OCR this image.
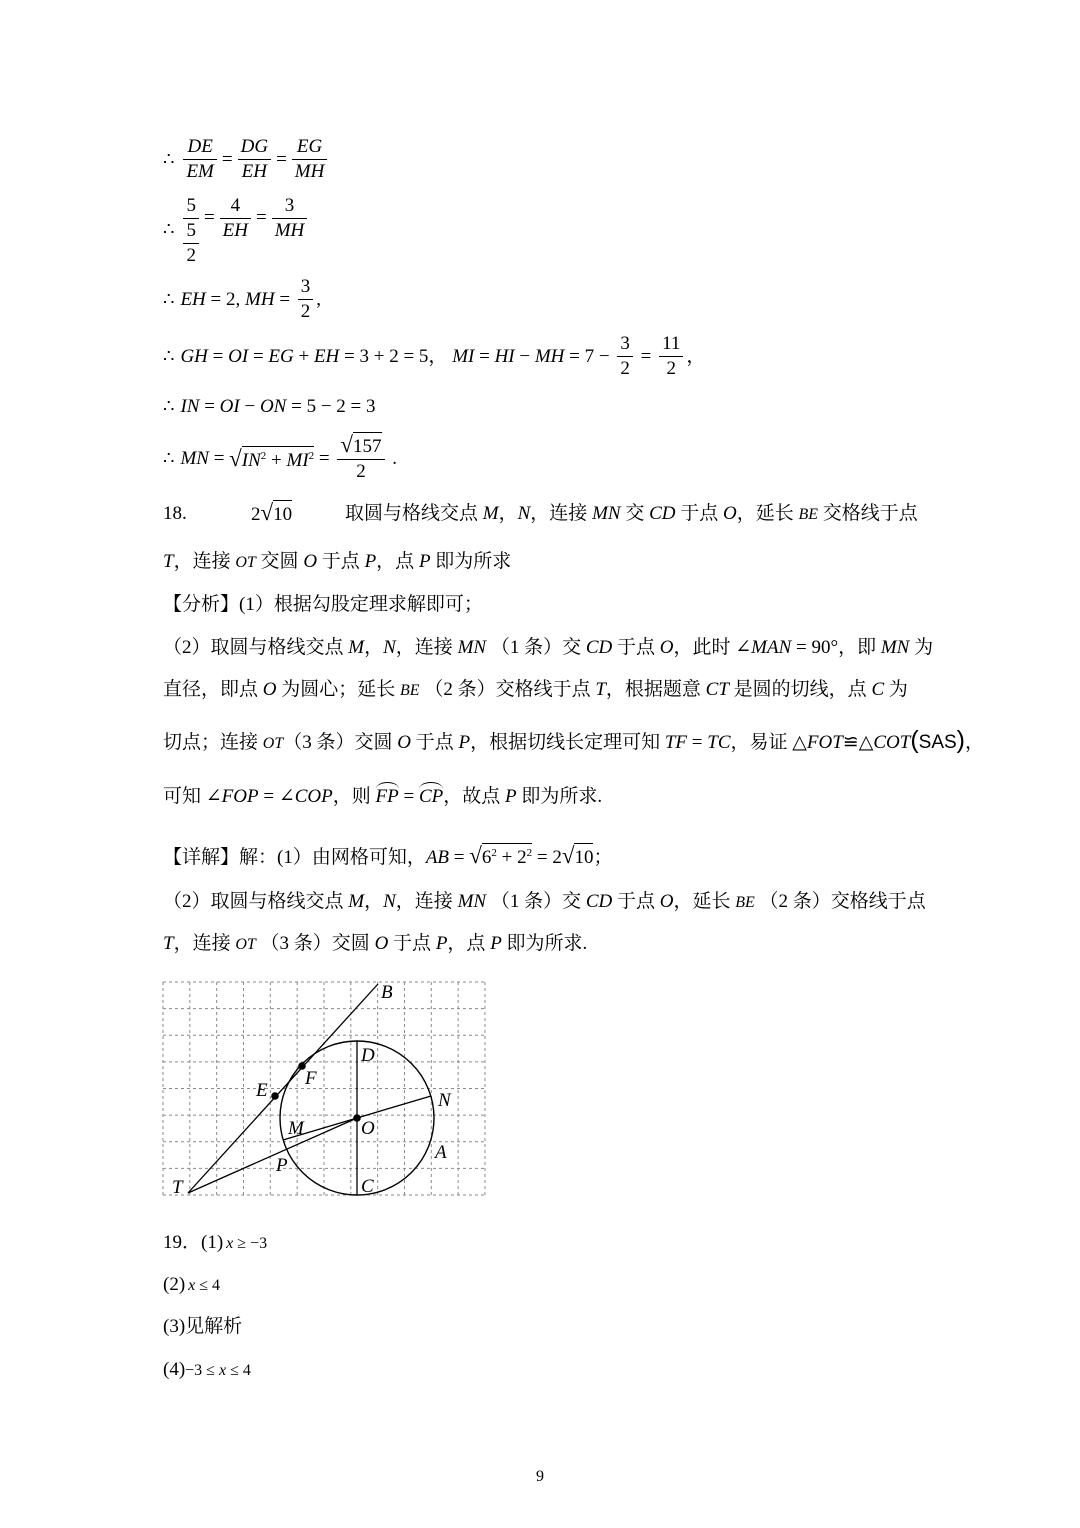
∴ $\frac{DE}{EM} = \frac{DG}{EH} = \frac{EG}{MH}$
∴ $\frac{5}{\frac{5}{2}} = \frac{4}{EH} = \frac{3}{MH}$
∴ EH = 2, MH = $\frac{3}{2}$ ,
∴ GH = OI = EG + EH = 3 + 2 = 5， MI = HI − MH = $7 - \frac{3}{2} = \frac{11}{2}$ ，
∴ IN = OI − ON = 5 − 2 = 3
∴ MN = $√IN^2 + MI^2 = \frac{√157}{2}$ .
18.	2√10	取圆与格线交点 M，N，连接 MN 交 CD 于点 O，延长 BE 交格线于点
T，连接 OT 交圆 O 于点 P，点 P 即为所求
【分析】(1）根据勾股定理求解即可；
（2）取圆与格线交点 M，N，连接 MN （1 条）交 CD 于点 O，此时 ∠MAN = 90°，即 MN 为
直径，即点 O 为圆心；延长 BE （2 条）交格线于点 T，根据题意 CT 是圆的切线，点 C 为
切点；连接 OT（3 条）交圆 O 于点 P，根据切线长定理可知 TF = TC，易证 △FOT≌△COT(SAS)，
可知 ∠FOP = ∠COP，则 FP = CP，故点 P 即为所求.
【详解】解：(1）由网格可知，AB = $√6^2 + 2^2 = 2√10$；
（2）取圆与格线交点 M，N，连接 MN （1 条）交 CD 于点 O，延长 BE （2 条）交格线于点
T，连接 OT （3 条）交圆 O 于点 P，点 P 即为所求.
B
F
E
D
N
O
M
A
P
T	C
19．(1) x ≥ −3
(2) x ≤ 4
(3)见解析
(4)−3 ≤ x ≤ 4
9
